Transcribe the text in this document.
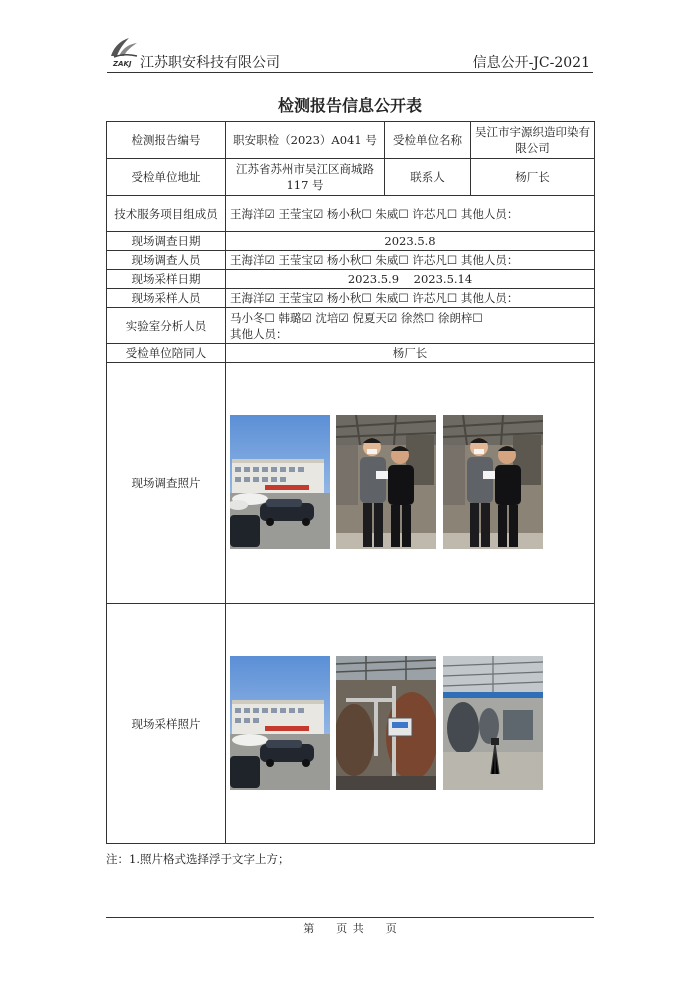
ZAKJ 江苏职安科技有限公司	信息公开-JC-2021
检测报告信息公开表
检测报告编号	职安职检（2023）A041 号	受检单位名称	吴江市宇源织造印染有限公司
受检单位地址	江苏省苏州市吴江区商城路 117 号	联系人	杨厂长
技术服务项目组成员	王海洋☑ 王莹宝☑ 杨小秋☐ 朱威☐ 许芯凡☐ 其他人员：		
现场调查日期	2023.5.8		
现场调查人员	王海洋☑ 王莹宝☑ 杨小秋☐ 朱威☐ 许芯凡☐ 其他人员：		
现场采样日期	2023.5.9    2023.5.14		
现场采样人员	王海洋☑ 王莹宝☑ 杨小秋☐ 朱威☐ 许芯凡☐ 其他人员：		
实验室分析人员	马小冬☐ 韩璐☑ 沈培☑ 倪夏天☑ 徐然☐ 徐朗梓☐
其他人员：		

受检单位陪同人	杨厂长		
现场调查照片	

现场采样照片	
注：1.照片格式选择浮于文字上方；
第    页 共    页
